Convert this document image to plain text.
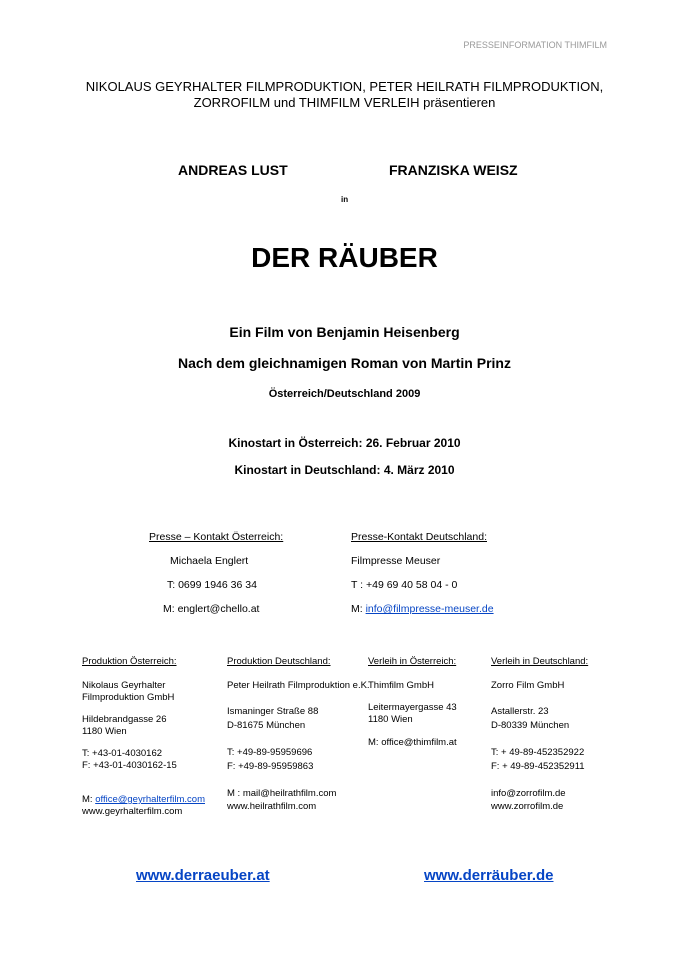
PRESSEINFORMATION THIMFILM
NIKOLAUS GEYRHALTER FILMPRODUKTION, PETER HEILRATH FILMPRODUKTION,
ZORROFILM und THIMFILM VERLEIH präsentieren
ANDREAS LUST	FRANZISKA WEISZ
in
DER RÄUBER
Ein Film von Benjamin Heisenberg
Nach dem gleichnamigen Roman von Martin Prinz
Österreich/Deutschland 2009
Kinostart in Österreich: 26. Februar 2010
Kinostart in Deutschland: 4. März 2010
Presse – Kontakt Österreich:
Michaela Englert
T: 0699 1946 36 34
M: englert@chello.at
Presse-Kontakt Deutschland:
Filmpresse Meuser
T : +49 69 40 58 04 - 0
M: info@filmpresse-meuser.de
Produktion Österreich:
Nikolaus Geyrhalter
Filmproduktion GmbH
Hildebrandgasse 26
1180 Wien
T: +43-01-4030162
F: +43-01-4030162-15
M: office@geyrhalterfilm.com
www.geyrhalterfilm.com
Produktion Deutschland:
Peter Heilrath Filmproduktion e.K.
Ismaninger Straße 88
D-81675 München
T: +49-89-95959696
F: +49-89-95959863
M : mail@heilrathfilm.com
www.heilrathfilm.com
Verleih in Österreich:
Thimfilm GmbH
Leitermayergasse 43
1180 Wien
M: office@thimfilm.at
Verleih in Deutschland:
Zorro Film GmbH
Astallerstr. 23
D-80339 München
T: + 49-89-452352922
F: + 49-89-452352911
info@zorrofilm.de
www.zorrofilm.de
www.derraeuber.at	www.derräuber.de
